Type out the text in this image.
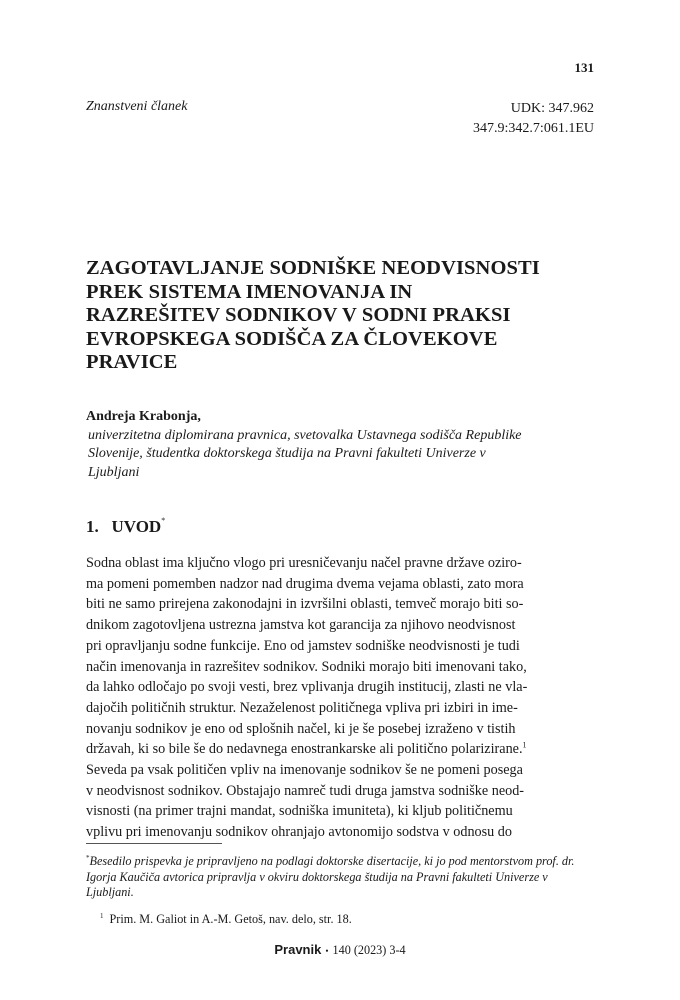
131
Znanstveni članek	UDK: 347.962
347.9:342.7:061.1EU
ZAGOTAVLJANJE SODNIŠKE NEODVISNOSTI
PREK SISTEMA IMENOVANJA IN
RAZREŠITEV SODNIKOV V SODNI PRAKSI
EVROPSKEGA SODIŠČA ZA ČLOVEKOVE
PRAVICE
Andreja Krabonja,
univerzitetna diplomirana pravnica, svetovalka Ustavnega sodišča Republike
Slovenije, študentka doktorskega študija na Pravni fakulteti Univerze v
Ljubljani
1. UVOD*
Sodna oblast ima ključno vlogo pri uresničevanju načel pravne države oziro-
ma pomeni pomemben nadzor nad drugima dvema vejama oblasti, zato mora
biti ne samo prirejena zakonodajni in izvršilni oblasti, temveč morajo biti so-
dnikom zagotovljena ustrezna jamstva kot garancija za njihovo neodvisnost
pri opravljanju sodne funkcije. Eno od jamstev sodniške neodvisnosti je tudi
način imenovanja in razrešitev sodnikov. Sodniki morajo biti imenovani tako,
da lahko odločajo po svoji vesti, brez vplivanja drugih institucij, zlasti ne vla-
dajočih političnih struktur. Nezaželenost političnega vpliva pri izbiri in ime-
novanju sodnikov je eno od splošnih načel, ki je še posebej izraženo v tistih
državah, ki so bile še do nedavnega enostrankarske ali politično polarizirane.$^1$
Seveda pa vsak političen vpliv na imenovanje sodnikov še ne pomeni posega
v neodvisnost sodnikov. Obstajajo namreč tudi druga jamstva sodniške neod-
visnosti (na primer trajni mandat, sodniška imuniteta), ki kljub političnemu
vplivu pri imenovanju sodnikov ohranjajo avtonomijo sodstva v odnosu do
*Besedilo prispevka je pripravljeno na podlagi doktorske disertacije, ki jo pod mentorstvom prof. dr. Igorja Kaučiča avtorica pripravlja v okviru doktorskega študija na Pravni fakulteti Univerze v Ljubljani.
$^1$ Prim. M. Galiot in A.-M. Getoš, nav. delo, str. 18.
Pravnik • 140 (2023) 3-4
